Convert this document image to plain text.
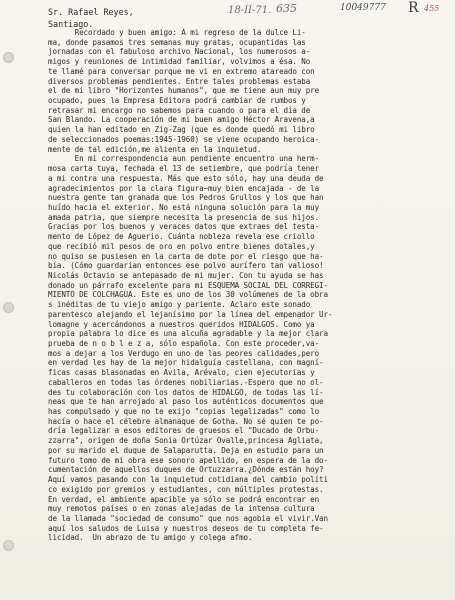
Sr. Rafael Reyes,
Santiago.
18-II-71. 635	10049777 R 455
Recordado y buen amigo: A mi regreso de la dulce Li-
ma, donde pasamos tres semanas muy gratas, ocupantidas las
jornadas con el fabuloso archivo Nacional, los numerosos a-
migos y reuniones de intimidad familiar, volvimos a ésa. No
te llamé para conversar porque me vi en extremo atareado con
diversos problemas pendientes. Entre tales problemas estaba
el de mi libro "Horizontes humanos", que me tiene aun muy pre
ocupado, pues la Empresa Editora podrá cambiar de rumbos y
retrasar mi encargo no sabemos para cuando o para el día de
San Blando. La cooperación de mi buen amigo Héctor Aravena,a
quien la han editado en Zig-Zag (que es donde quedó mi libro
de seleccionados poemas:1945-1960) se viene ocupando heroica-
mente de tal edición,me alienta en la inquietud.
En mi correspondencia aun pendiente encuentro una herm-
mosa carta tuya, fechada el 13 de setiembre, que podría tener
a mi contra una respuesta. Más que esto sólo, hay una deuda de
agradecimientos por la clara figura~muy bien encajada - de la
nuestra gente tan granada que los Pedros Grullos y los que han
huído hacia el exterior. No está ninguna solución para la muy
amada patria, que siempre necesita la presencia de sus hijos.
Gracias por los buenos y veraces datos que extraes del testa-
mento de López de Aguerio. Cuánta nobleza revela ese criollo
que recibió mil pesos de oro en polvo entre bienes dotales,y
no quiso se pusiesen en la carta de dote por el riesgo que ha-
bía. (Cómo guardarían entonces ese polvo aurífero tan valioso!
Nicolás Octavio se antepasado de mi mujer. Con tu ayuda se has
donado un párrafo excelente para mi ESQUEMA SOCIAL DEL CORREGI-
MIENTO DE COLCHAGUA. Este es uno de los 30 volúmenes de la obra
s inéditas de tu viejo amigo y pariente. Aclaro este sonado
parentesco alejando el lejanísimo por la línea del empenador Ur-
lomagne y acercándonos a nuestros queridos HIDALGOS. Como ya
propia palabra lo dice es una alcuña agradable y la mejor clara
prueba de n o b l e z a, sólo española. Con este proceder,va-
mos a dejar a los Verdugo en uno de las peores calidades,pero
en verdad les hay de la mejor hidalguía castellana, con magní-
ficas casas blasonadas en Avila, Arévalo, cien ejecutorias y
caballeros en todas las órdenes nobiliarias.-Espero que no ol-
des tu colaboración con los datos de HIDALGO, de todas las lí-
neas que te han arrojado al paso los auténticos documentos que
has compulsado y que no te exijo "copias legalizadas" como lo
hacía o hace el célebre almanaque de Gotha. No sé quien te po-
dría legalizar a esos editores de gruesos el "Ducado de Orbu-
zzarra", origen de doña Sonia Ortúzar Ovalle,princesa Agliata,
por su marido el duque de Salaparutta. Deja en estudio para un
futuro tomo de mi obra ese sonoro apellido, en espera de la do-
cumentación de aquellos duques de Ortuzzarra.¿Dónde están hoy?
Aquí vamos pasando con la inquietud cotidiana del cambio políti
co exigido por gremios y estudiantes, con múltiples protestas.
En verdad, el ambiente apacible ya sólo se podrá encontrar en
muy remotos países o en zonas alejadas de la intensa cultura
de la llamada "sociedad de consumo" que nos agobia el vivir.Van
aquí los saludos de Luisa y nuestros deseos de tu completa fe-
licidad.  Un abrazo de tu amigo y colega afmo.
